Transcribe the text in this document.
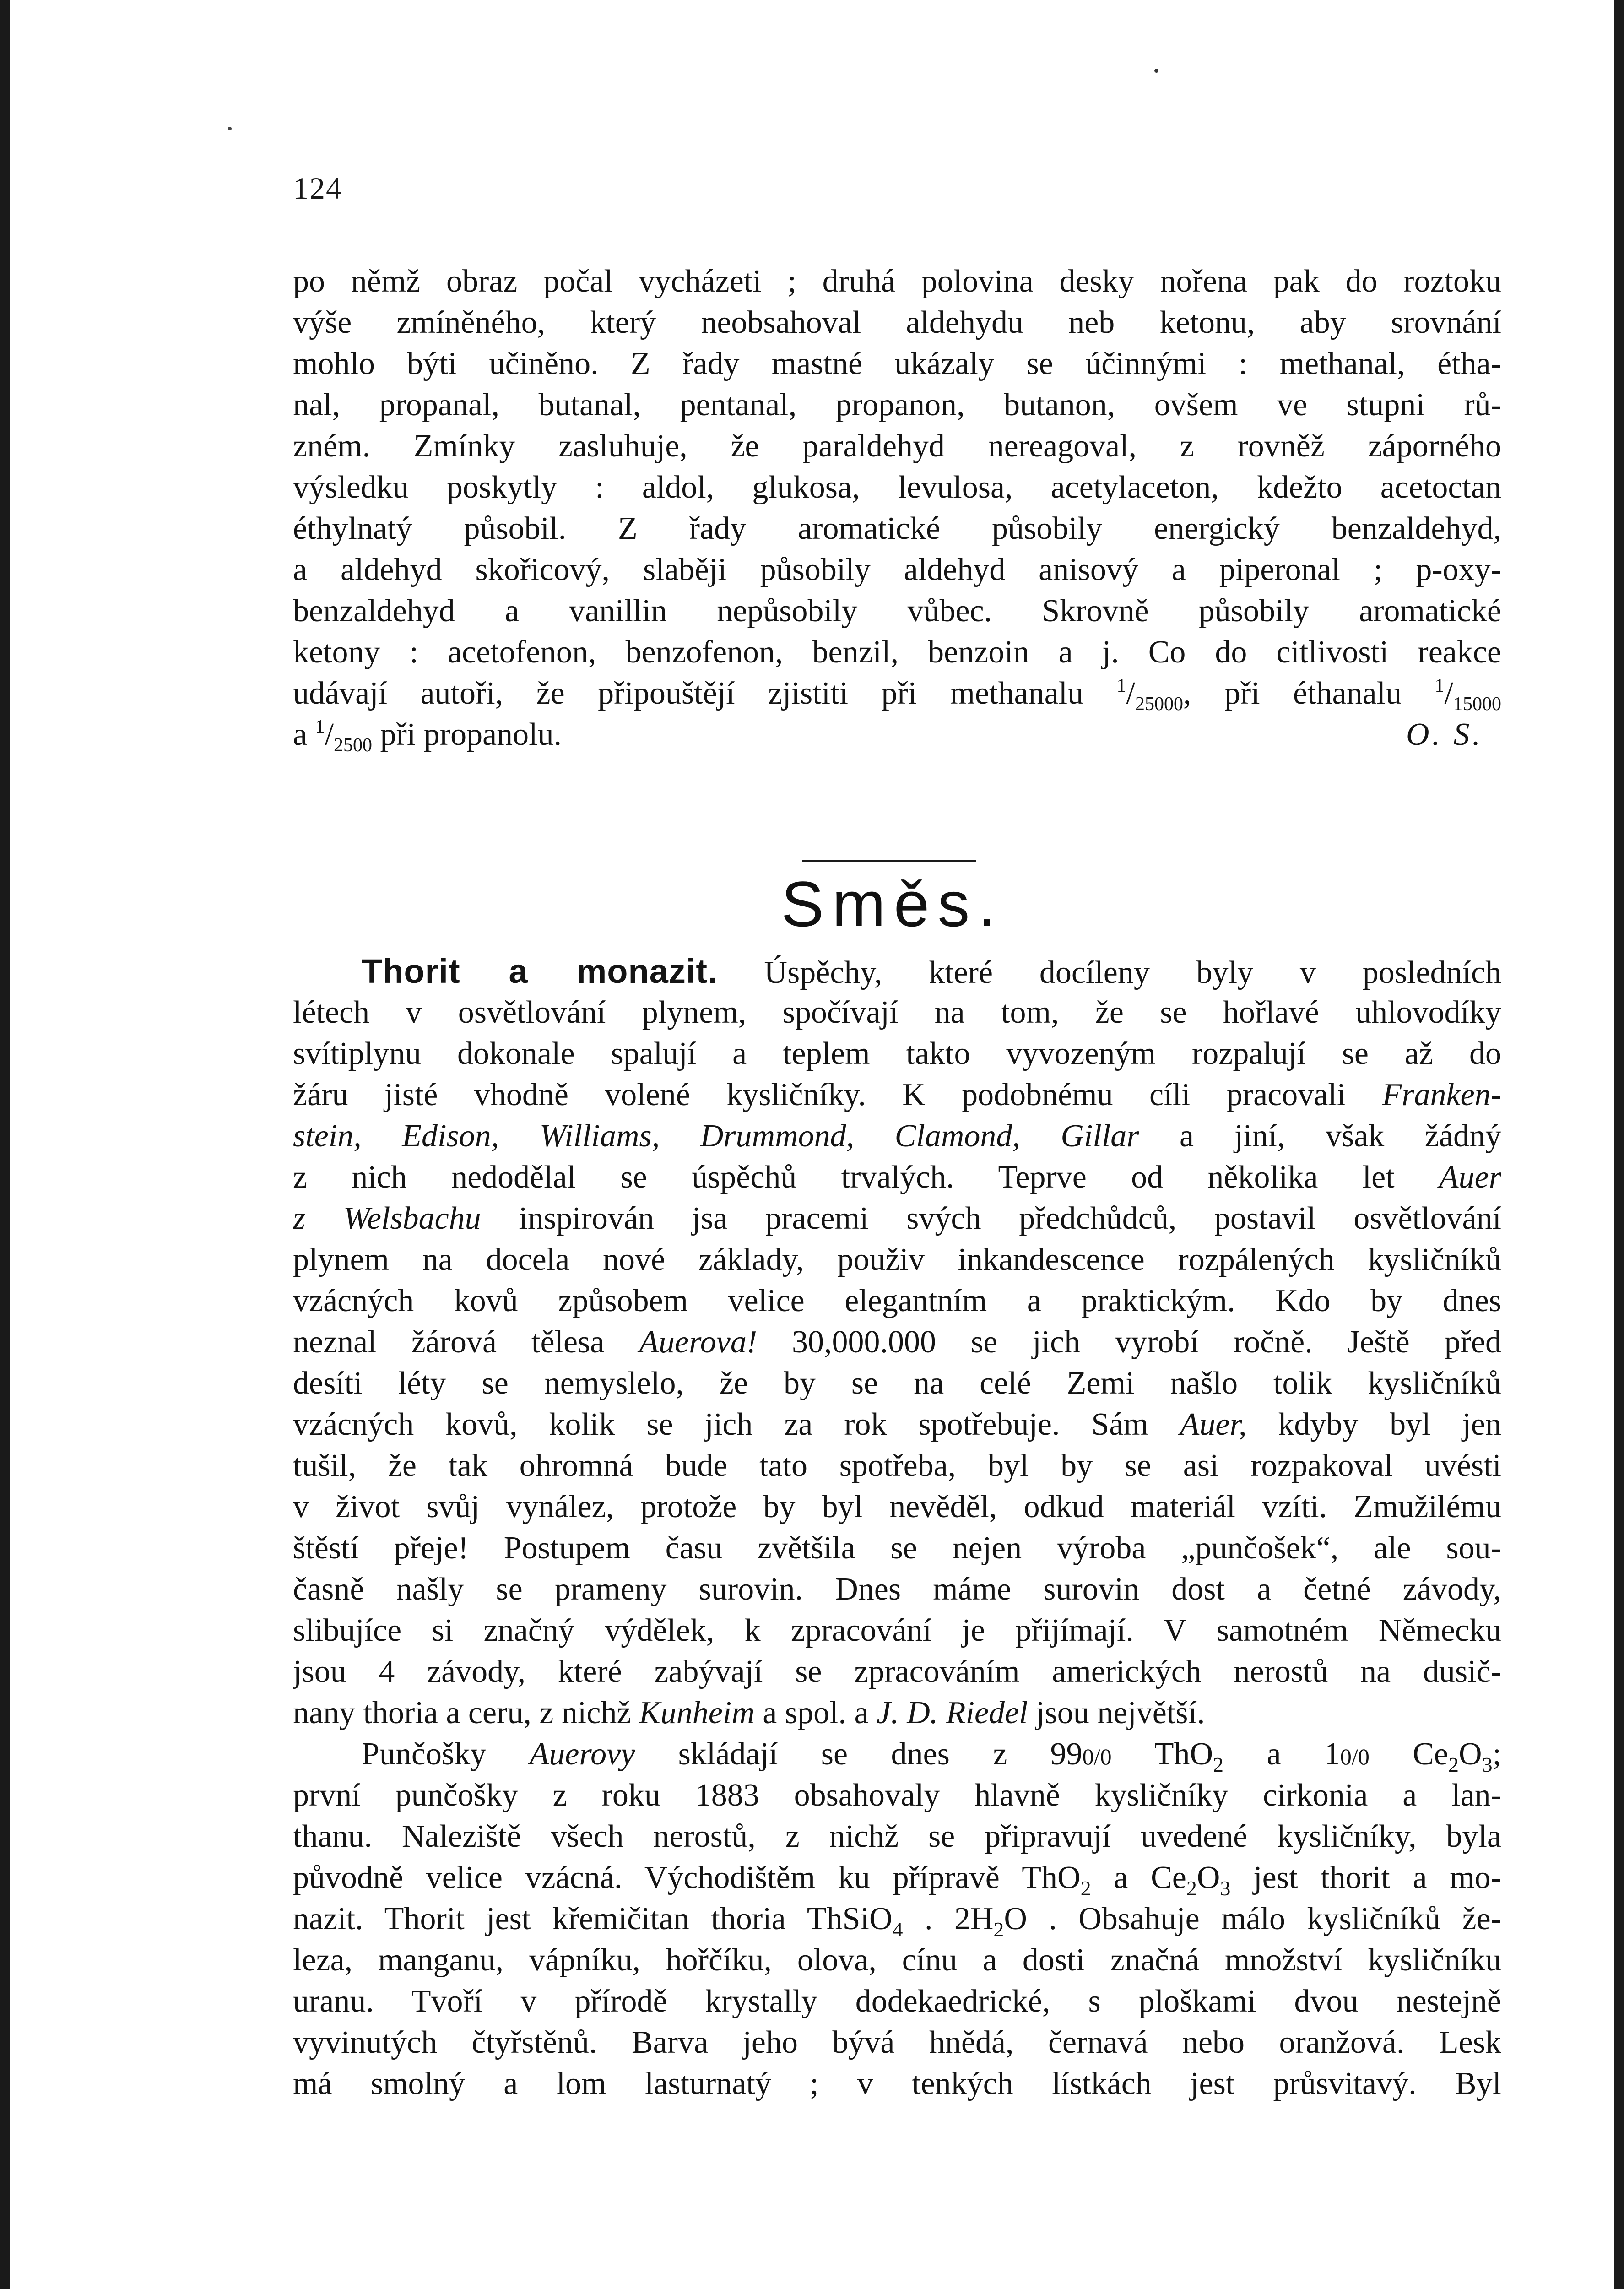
124
po němž obraz počal vycházeti ; druhá polovina desky nořena pak do roztoku
výše zmíněného, který neobsahoval aldehydu neb ketonu, aby srovnání
mohlo býti učiněno. Z řady mastné ukázaly se účinnými : methanal, étha-
nal, propanal, butanal, pentanal, propanon, butanon, ovšem ve stupni rů-
zném. Zmínky zasluhuje, že paraldehyd nereagoval, z rovněž záporného
výsledku poskytly : aldol, glukosa, levulosa, acetylaceton, kdežto acetoctan
éthylnatý působil. Z řady aromatické působily energický benzaldehyd,
a aldehyd skořicový, slaběji působily aldehyd anisový a piperonal ; p-oxy-
benzaldehyd a vanillin nepůsobily vůbec. Skrovně působily aromatické
ketony : acetofenon, benzofenon, benzil, benzoin a j. Co do citlivosti reakce
udávají autoři, že připouštějí zjistiti při methanalu $^1/_{25000}$, při éthanalu $^1/_{15000}$
a $^1/_{2500}$ při propanolu.	O. S.
Směs.
Thorit a monazit. Úspěchy, které docíleny byly v posledních
létech v osvětlování plynem, spočívají na tom, že se hořlavé uhlovodíky
svítiplynu dokonale spalují a teplem takto vyvozeným rozpalují se až do
žáru jisté vhodně volené kysličníky. K podobnému cíli pracovali Franken-
stein, Edison, Williams, Drummond, Clamond, Gillar a jiní, však žádný
z nich nedodělal se úspěchů trvalých. Teprve od několika let Auer
z Welsbachu inspirován jsa pracemi svých předchůdců, postavil osvětlování
plynem na docela nové základy, použiv inkandescence rozpálených kysličníků
vzácných kovů způsobem velice elegantním a praktickým. Kdo by dnes
neznal žárová tělesa Auerova! 30,000.000 se jich vyrobí ročně. Ještě před
desíti léty se nemyslelo, že by se na celé Zemi našlo tolik kysličníků
vzácných kovů, kolik se jich za rok spotřebuje. Sám Auer, kdyby byl jen
tušil, že tak ohromná bude tato spotřeba, byl by se asi rozpakoval uvésti
v život svůj vynález, protože by byl nevěděl, odkud materiál vzíti. Zmužilému
štěstí přeje! Postupem času zvětšila se nejen výroba „punčošek“, ale sou-
časně našly se prameny surovin. Dnes máme surovin dost a četné závody,
slibujíce si značný výdělek, k zpracování je přijímají. V samotném Německu
jsou 4 závody, které zabývají se zpracováním amerických nerostů na dusič-
nany thoria a ceru, z nichž Kunheim a spol. a J. D. Riedel jsou největší.
Punčošky Auerovy skládají se dnes z 990/0 ThO$_2$ a 10/0 $Ce_2O_3$;
první punčošky z roku 1883 obsahovaly hlavně kysličníky cirkonia a lan-
thanu. Naleziště všech nerostů, z nichž se připravují uvedené kysličníky, byla
původně velice vzácná. Východištěm ku přípravě ThO$_2$ a $Ce_2O_3$ jest thorit a mo-
nazit. Thorit jest křemičitan thoria ThSiO$_4$ . $2H_2O$ . Obsahuje málo kysličníků že-
leza, manganu, vápníku, hořčíku, olova, cínu a dosti značná množství kysličníku
uranu. Tvoří v přírodě krystally dodekaedrické, s ploškami dvou nestejně
vyvinutých čtyřstěnů. Barva jeho bývá hnědá, černavá nebo oranžová. Lesk
má smolný a lom lasturnatý ; v tenkých lístkách jest průsvitavý. Byl
